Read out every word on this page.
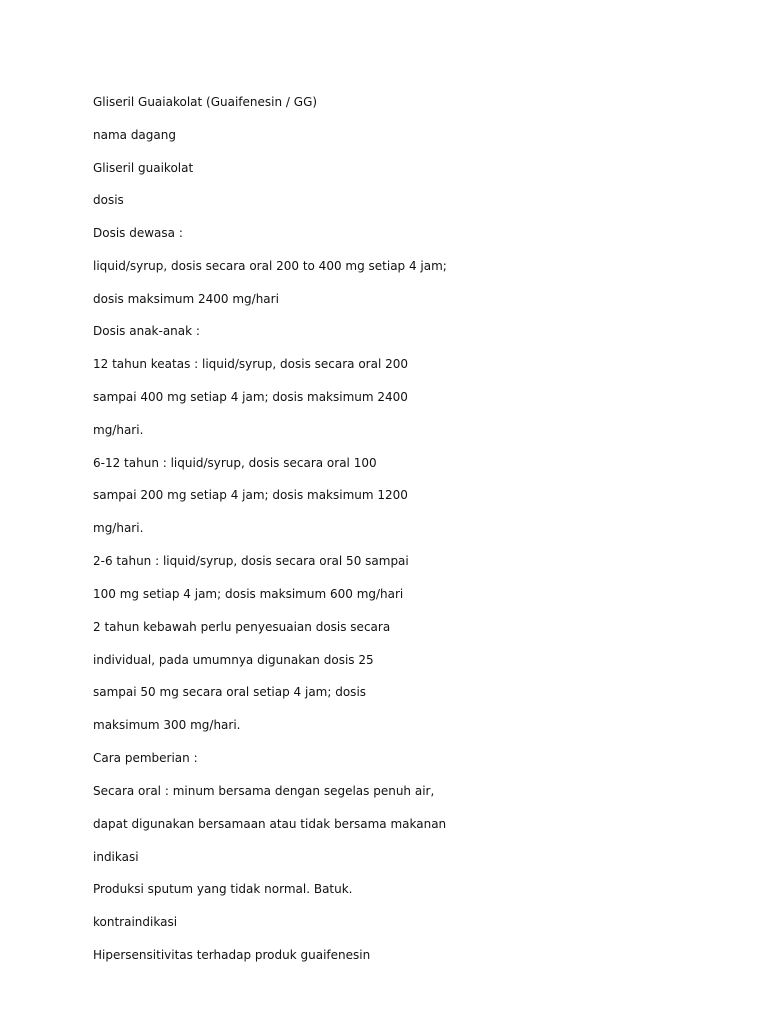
Gliseril Guaiakolat (Guaifenesin / GG)

nama dagang

Gliseril guaikolat

dosis

Dosis dewasa :

liquid/syrup, dosis secara oral 200 to 400 mg setiap 4 jam;

dosis maksimum 2400 mg/hari

Dosis anak-anak :

12 tahun keatas : liquid/syrup, dosis secara oral 200

sampai 400 mg setiap 4 jam; dosis maksimum 2400

mg/hari.

6-12 tahun : liquid/syrup, dosis secara oral 100

sampai 200 mg setiap 4 jam; dosis maksimum 1200

mg/hari.

2-6 tahun : liquid/syrup, dosis secara oral 50 sampai

100 mg setiap 4 jam; dosis maksimum 600 mg/hari

2 tahun kebawah perlu penyesuaian dosis secara

individual, pada umumnya digunakan dosis 25

sampai 50 mg secara oral setiap 4 jam; dosis

maksimum 300 mg/hari.

Cara pemberian :

Secara oral : minum bersama dengan segelas penuh air,

dapat digunakan bersamaan atau tidak bersama makanan

indikasi

Produksi sputum yang tidak normal. Batuk.

kontraindikasi

Hipersensitivitas terhadap produk guaifenesin
